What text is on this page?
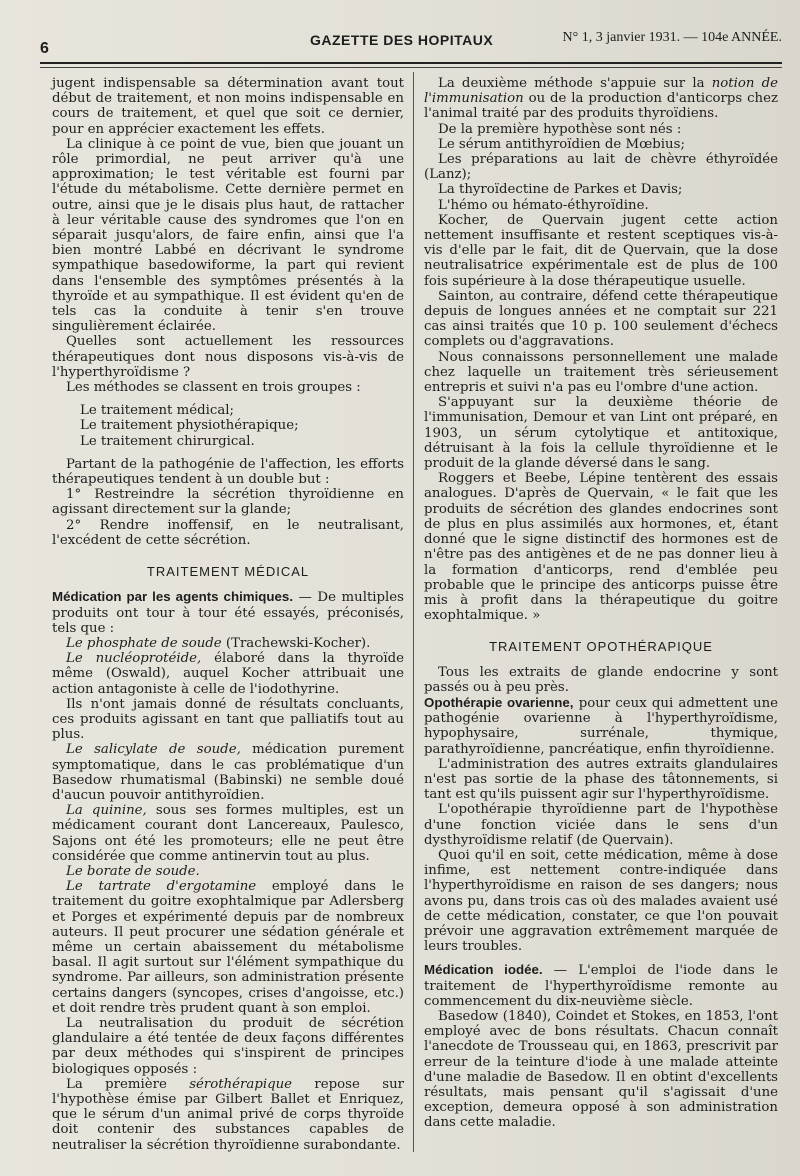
6	GAZETTE DES HOPITAUX	N° 1, 3 janvier 1931. — 104e ANNÉE.

jugent indispensable sa détermination avant tout début de traitement, et non moins indispensable en cours de traitement, et quel que soit ce dernier, pour en apprécier exactement les effets.

La clinique à ce point de vue, bien que jouant un rôle primordial, ne peut arriver qu'à une approximation; le test véritable est fourni par l'étude du métabolisme. Cette dernière permet en outre, ainsi que je le disais plus haut, de rattacher à leur véritable cause des syndromes que l'on en séparait jusqu'alors, de faire enfin, ainsi que l'a bien montré Labbé en décrivant le syndrome sympathique basedowiforme, la part qui revient dans l'ensemble des symptômes présentés à la thyroïde et au sympathique. Il est évident qu'en de tels cas la conduite à tenir s'en trouve singulièrement éclairée.

Quelles sont actuellement les ressources thérapeutiques dont nous disposons vis-à-vis de l'hyperthyroïdisme ?

Les méthodes se classent en trois groupes :

Le traitement médical;

Le traitement physiothérapique;

Le traitement chirurgical.

Partant de la pathogénie de l'affection, les efforts thérapeutiques tendent à un double but :

1° Restreindre la sécrétion thyroïdienne en agissant directement sur la glande;

2° Rendre inoffensif, en le neutralisant, l'excédent de cette sécrétion.

TRAITEMENT MÉDICAL

Médication par les agents chimiques. — De multiples produits ont tour à tour été essayés, préconisés, tels que :

Le phosphate de soude (Trachewski-Kocher).

Le nucléoprotéide, élaboré dans la thyroïde même (Oswald), auquel Kocher attribuait une action antagoniste à celle de l'iodothyrine.

Ils n'ont jamais donné de résultats concluants, ces produits agissant en tant que palliatifs tout au plus.

Le salicylate de soude, médication purement symptomatique, dans le cas problématique d'un Basedow rhumatismal (Babinski) ne semble doué d'aucun pouvoir antithyroïdien.

La quinine, sous ses formes multiples, est un médicament courant dont Lancereaux, Paulesco, Sajons ont été les promoteurs; elle ne peut être considérée que comme antinervin tout au plus.

Le borate de soude.

Le tartrate d'ergotamine employé dans le traitement du goitre exophtalmique par Adlersberg et Porges et expérimenté depuis par de nombreux auteurs. Il peut procurer une sédation générale et même un certain abaissement du métabolisme basal. Il agit surtout sur l'élément sympathique du syndrome. Par ailleurs, son administration présente certains dangers (syncopes, crises d'angoisse, etc.) et doit rendre très prudent quant à son emploi.

La neutralisation du produit de sécrétion glandulaire a été tentée de deux façons différentes par deux méthodes qui s'inspirent de principes biologiques opposés :

La première sérothérapique repose sur l'hypothèse émise par Gilbert Ballet et Enriquez, que le sérum d'un animal privé de corps thyroïde doit contenir des substances capables de neutraliser la sécrétion thyroïdienne surabondante.

La deuxième méthode s'appuie sur la notion de l'immunisation ou de la production d'anticorps chez l'animal traité par des produits thyroïdiens.

De la première hypothèse sont nés :

Le sérum antithyroïdien de Mœbius;

Les préparations au lait de chèvre éthyroïdée (Lanz);

La thyroïdectine de Parkes et Davis;

L'hémo ou hémato-éthyroïdine.

Kocher, de Quervain jugent cette action nettement insuffisante et restent sceptiques vis-à-vis d'elle par le fait, dit de Quervain, que la dose neutralisatrice expérimentale est de plus de 100 fois supérieure à la dose thérapeutique usuelle.

Sainton, au contraire, défend cette thérapeutique depuis de longues années et ne comptait sur 221 cas ainsi traités que 10 p. 100 seulement d'échecs complets ou d'aggravations.

Nous connaissons personnellement une malade chez laquelle un traitement très sérieusement entrepris et suivi n'a pas eu l'ombre d'une action.

S'appuyant sur la deuxième théorie de l'immunisation, Demour et van Lint ont préparé, en 1903, un sérum cytolytique et antitoxique, détruisant à la fois la cellule thyroïdienne et le produit de la glande déversé dans le sang.

Roggers et Beebe, Lépine tentèrent des essais analogues. D'après de Quervain, « le fait que les produits de sécrétion des glandes endocrines sont de plus en plus assimilés aux hormones, et, étant donné que le signe distinctif des hormones est de n'être pas des antigènes et de ne pas donner lieu à la formation d'anticorps, rend d'emblée peu probable que le principe des anticorps puisse être mis à profit dans la thérapeutique du goitre exophtalmique. »

TRAITEMENT OPOTHÉRAPIQUE

Tous les extraits de glande endocrine y sont passés ou à peu près.

Opothérapie ovarienne, pour ceux qui admettent une pathogénie ovarienne à l'hyperthyroïdisme, hypophysaire, surrénale, thymique, parathyroïdienne, pancréatique, enfin thyroïdienne.

L'administration des autres extraits glandulaires n'est pas sortie de la phase des tâtonnements, si tant est qu'ils puissent agir sur l'hyperthyroïdisme.

L'opothérapie thyroïdienne part de l'hypothèse d'une fonction viciée dans le sens d'un dysthyroïdisme relatif (de Quervain).

Quoi qu'il en soit, cette médication, même à dose infime, est nettement contre-indiquée dans l'hyperthyroïdisme en raison de ses dangers; nous avons pu, dans trois cas où des malades avaient usé de cette médication, constater, ce que l'on pouvait prévoir une aggravation extrêmement marquée de leurs troubles.

Médication iodée. — L'emploi de l'iode dans le traitement de l'hyperthyroïdisme remonte au commencement du dix-neuvième siècle.

Basedow (1840), Coindet et Stokes, en 1853, l'ont employé avec de bons résultats. Chacun connaît l'anecdote de Trousseau qui, en 1863, prescrivit par erreur de la teinture d'iode à une malade atteinte d'une maladie de Basedow. Il en obtint d'excellents résultats, mais pensant qu'il s'agissait d'une exception, demeura opposé à son administration dans cette maladie.
